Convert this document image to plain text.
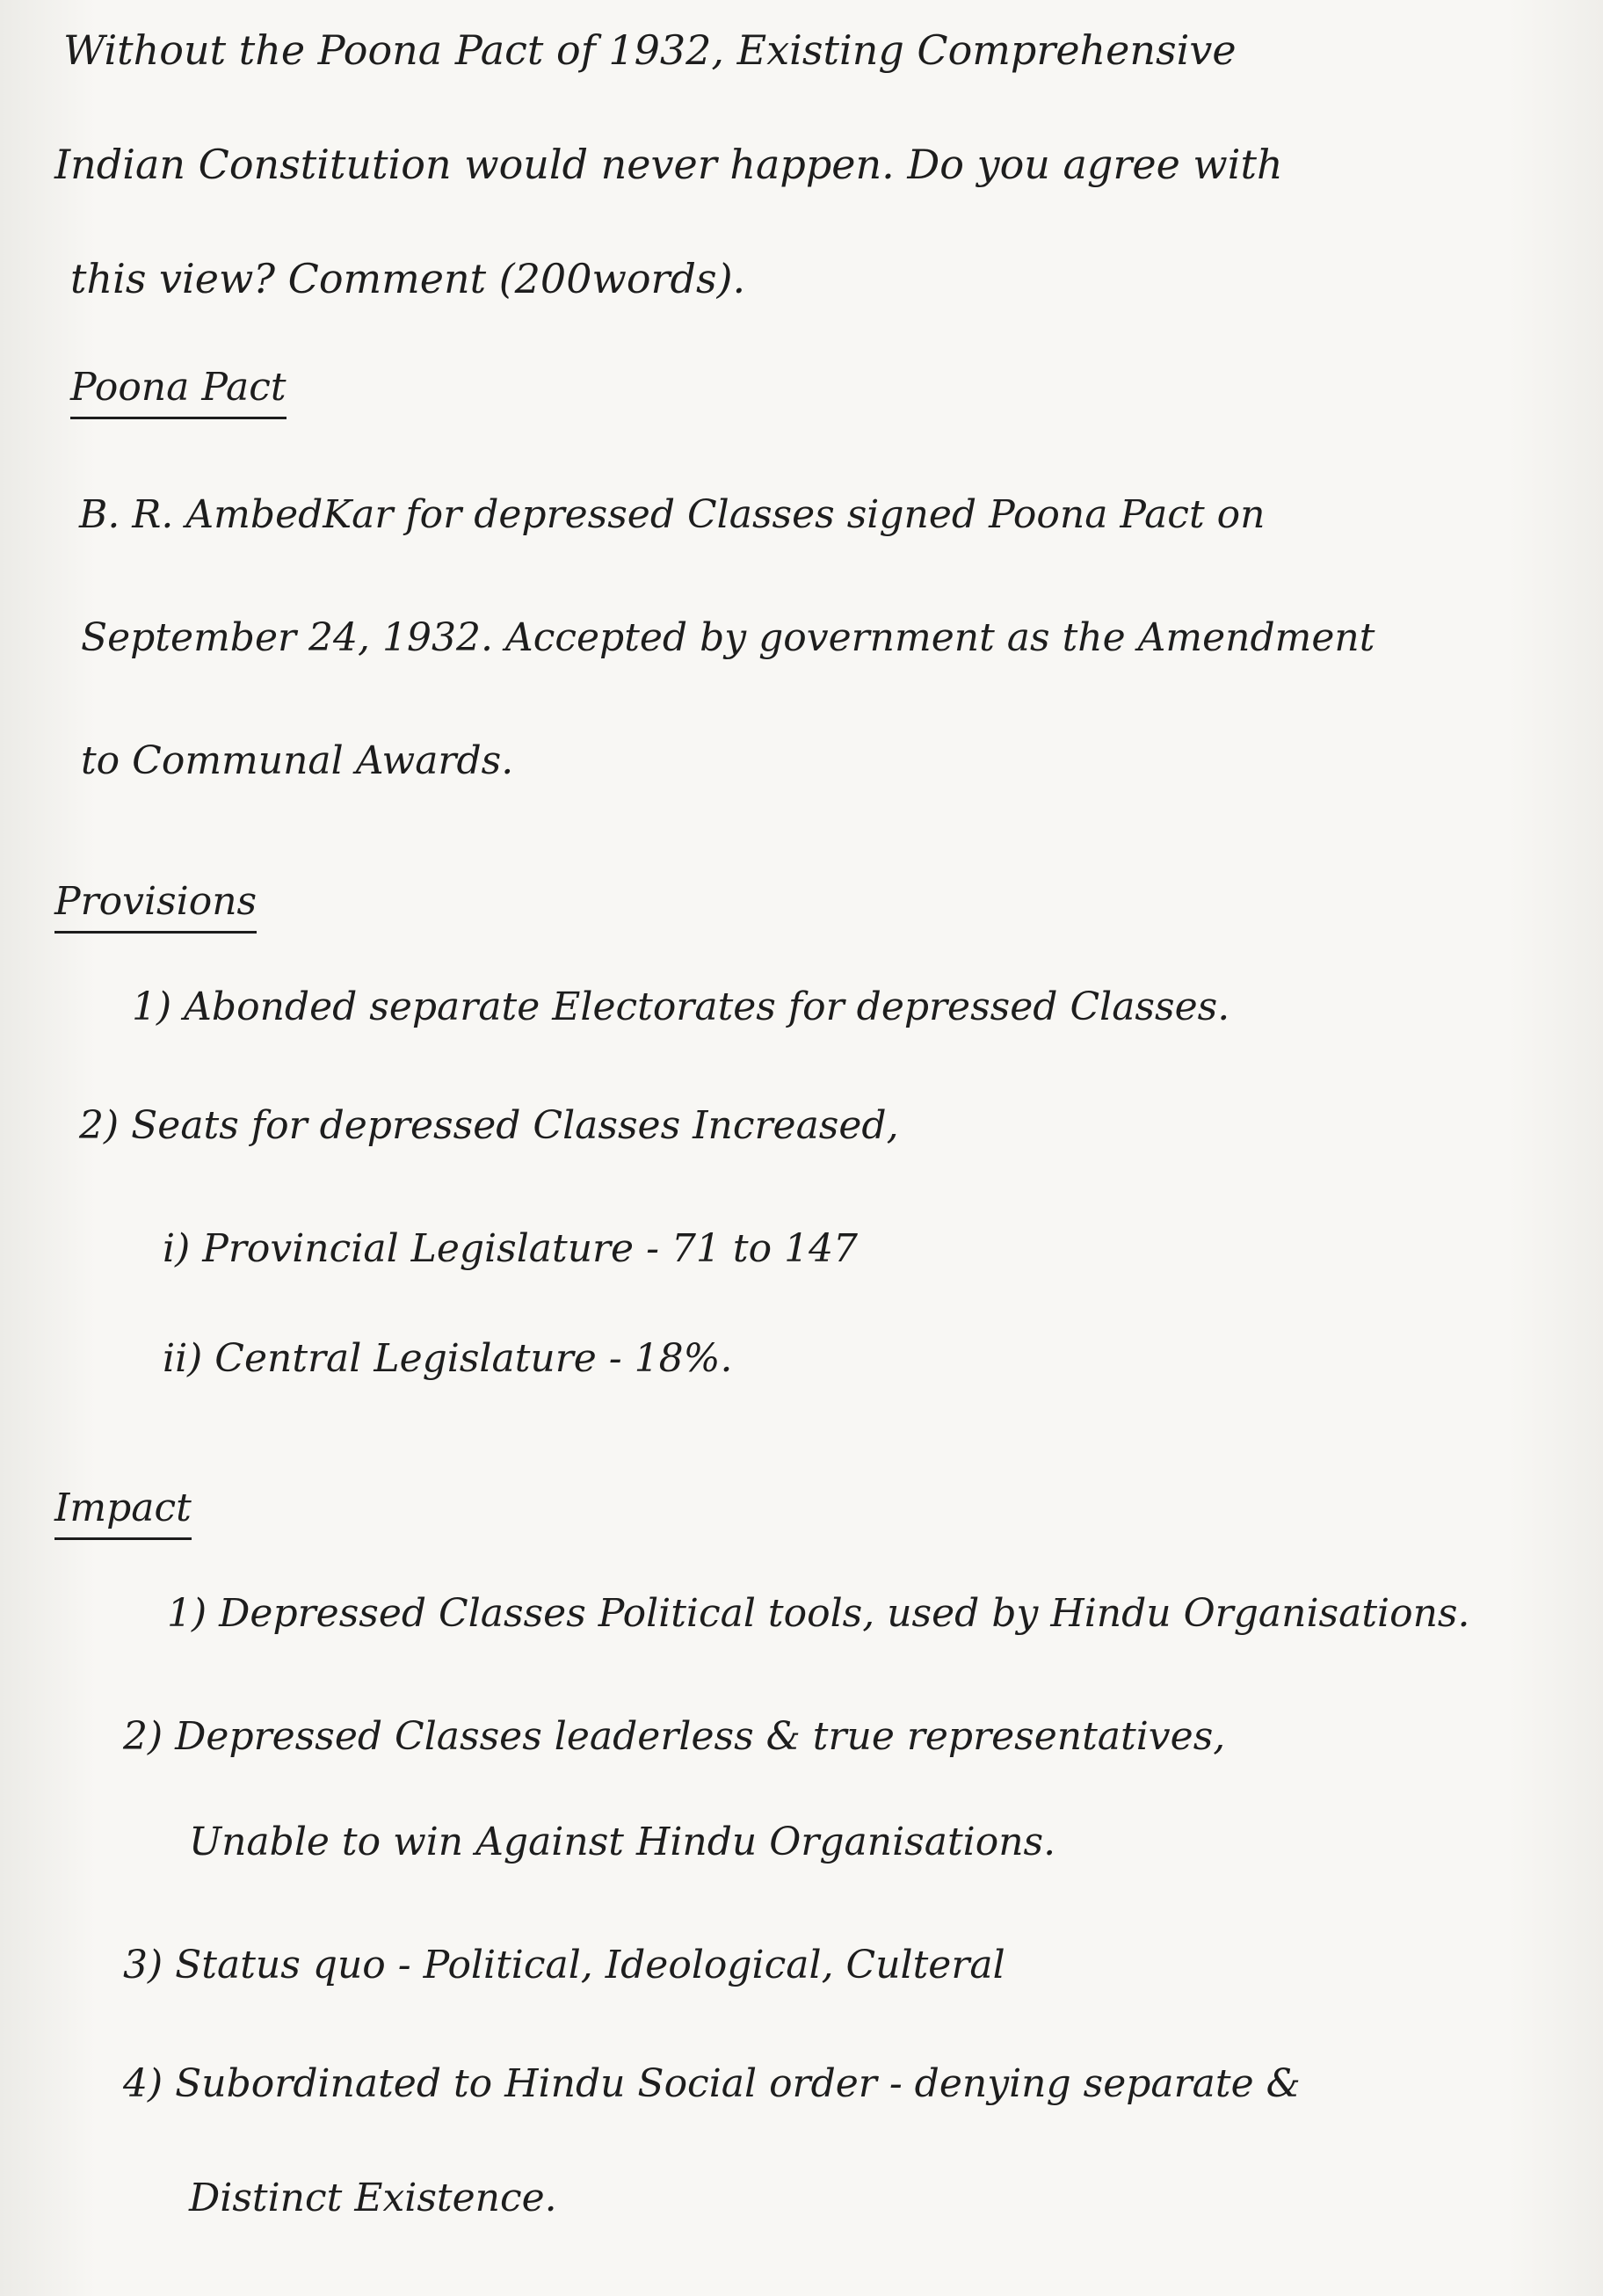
Without the Poona Pact of 1932, Existing Comprehensive
Indian Constitution would never happen. Do you agree with
this view? Comment (200words).
Poona Pact
B. R. AmbedKar for depressed Classes signed Poona Pact on
September 24, 1932. Accepted by government as the Amendment
to Communal Awards.
Provisions
1) Abonded separate Electorates for depressed Classes.
2) Seats for depressed Classes Increased,
i) Provincial Legislature - 71 to 147
ii) Central Legislature - 18%.
Impact
1) Depressed Classes Political tools, used by Hindu Organisations.
2) Depressed Classes leaderless & true representatives,
Unable to win Against Hindu Organisations.
3) Status quo - Political, Ideological, Culteral
4) Subordinated to Hindu Social order - denying separate &
Distinct Existence.
